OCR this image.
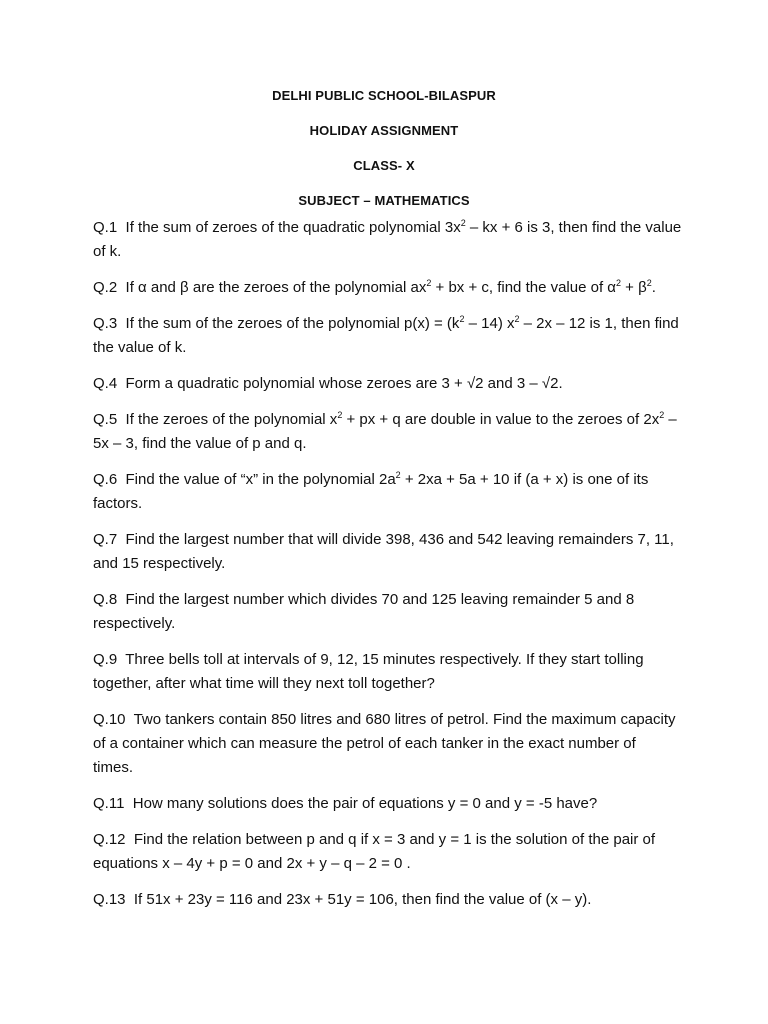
DELHI PUBLIC SCHOOL-BILASPUR
HOLIDAY ASSIGNMENT
CLASS- X
SUBJECT – MATHEMATICS
Q.1  If the sum of zeroes of the quadratic polynomial $3x^2$ – kx + 6 is 3, then find the value of k.
Q.2  If α and β are the zeroes of the polynomial $ax^2$ + bx + c, find the value of $\alpha^2 + \beta^2$.
Q.3  If the sum of the zeroes of the polynomial $p(x) = (k^2 - 14)$ $x^2 - 2x - 12$ is 1, then find the value of k.
Q.4  Form a quadratic polynomial whose zeroes are 3 + √2 and 3 – √2.
Q.5  If the zeroes of the polynomial $x^2$ + px + q are double in value to the zeroes of $2x^2 - 5x - 3$, find the value of p and q.
Q.6  Find the value of “x” in the polynomial $2a^2 + 2xa + 5a + 10$ if (a + x) is one of its factors.
Q.7  Find the largest number that will divide 398, 436 and 542 leaving remainders 7, 11, and 15 respectively.
Q.8  Find the largest number which divides 70 and 125 leaving remainder 5 and 8 respectively.
Q.9  Three bells toll at intervals of 9, 12, 15 minutes respectively. If they start tolling together, after what time will they next toll together?
Q.10  Two tankers contain 850 litres and 680 litres of petrol. Find the maximum capacity of a container which can measure the petrol of each tanker in the exact number of   times.
Q.11  How many solutions does the pair of equations y = 0 and y = -5 have?
Q.12  Find the relation between p and q if x = 3 and y = 1 is the solution of the pair of equations x – 4y + p = 0 and 2x + y – q – 2 = 0 .
Q.13  If 51x + 23y = 116 and 23x + 51y = 106, then find the value of (x – y).
